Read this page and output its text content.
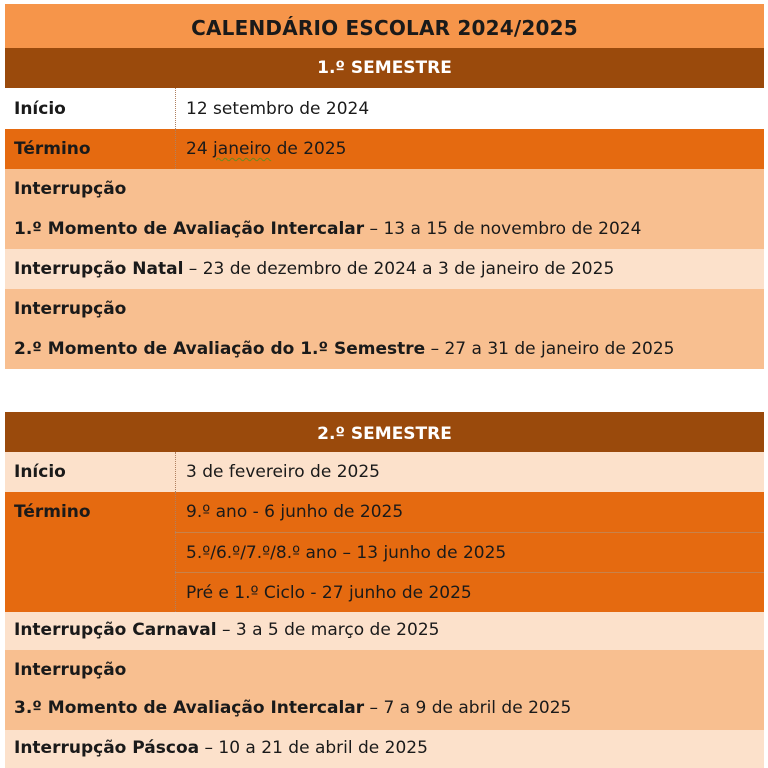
CALENDÁRIO ESCOLAR 2024/2025
1.º SEMESTRE
Início	12 setembro de 2024
Término	24 janeiro de 2025
Interrupção
1.º Momento de Avaliação Intercalar – 13 a 15 de novembro de 2024
Interrupção Natal – 23 de dezembro de 2024 a 3 de janeiro de 2025
Interrupção
2.º Momento de Avaliação do 1.º Semestre – 27 a 31 de janeiro de 2025
2.º SEMESTRE
Início	3 de fevereiro de 2025
Término	9.º ano - 6 junho de 2025
5.º/6.º/7.º/8.º ano – 13 junho de 2025
Pré e 1.º Ciclo - 27 junho de 2025
Interrupção Carnaval – 3 a 5 de março de 2025
Interrupção
3.º Momento de Avaliação Intercalar – 7 a 9 de abril de 2025
Interrupção Páscoa – 10 a 21 de abril de 2025
